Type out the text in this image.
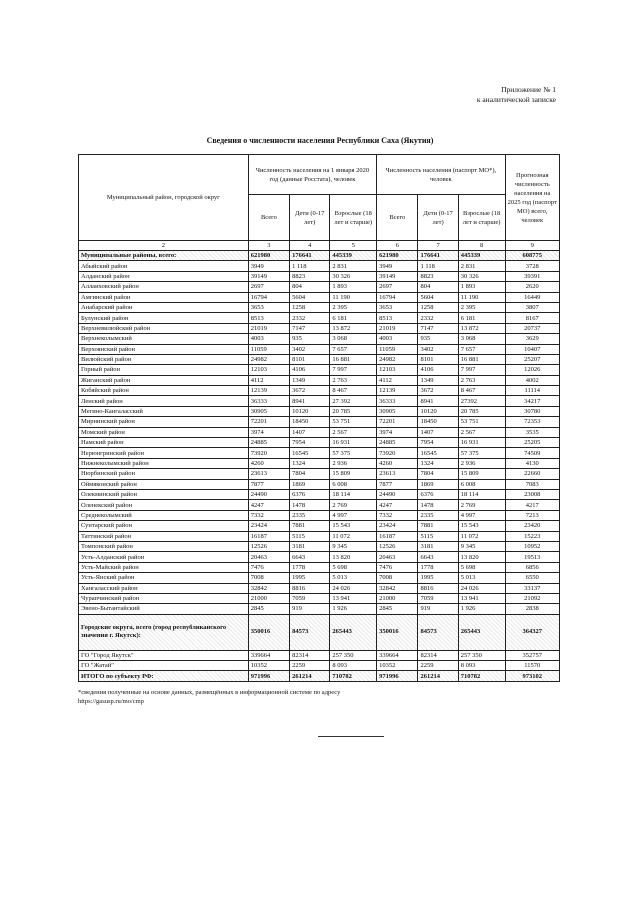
Приложение № 1
к аналитической записке
Сведения о численности населения Республики Саха (Якутия)
Муниципальный район, городской округ	Численность населения на 1 января 2020 год (данные Росстата), человек			Численность населения (паспорт МО*), человек			Прогнозная численность населения на 2025 год (паспорт МО) всего, человек
	Всего	Дети (0-17 лет)	Взрослые (18 лет и старше)	Всего	Дети (0-17 лет)	Взрослые (18 лет и старше)	
2	3	4	5	6	7	8	9
Муниципальные районы, всего:	621980	176641	445339	621980	176641	445339	608775
Абыйский район	3949	1 118	2 831	3949	1 118	2 831	3728
Алданский район	39149	8823	30 326	39149	8823	30 326	39391
Аллаиховский район	2697	804	1 893	2697	804	1 893	2620
Амгинский район	16794	5604	11 190	16794	5604	11 190	16449
Анабарский район	3653	1258	2 395	3653	1258	2 395	3807
Булунский район	8513	2332	6 181	8513	2332	6 181	8167
Верхневилюйский район	21019	7147	13 872	21019	7147	13 872	20737
Верхнеколымский	4003	935	3 068	4003	935	3 068	3629
Верхоянский район	11059	3402	7 657	11059	3402	7 657	10407
Вилюйский район	24982	8101	16 881	24982	8101	16 881	25207
Горный район	12103	4106	7 997	12103	4106	7 997	12026
Жиганский район	4112	1349	2 763	4112	1349	2 763	4002
Кобяйский район	12139	3672	8 467	12139	3672	8 467	11114
Ленский район	36333	8941	27 392	36333	8941	27392	34217
Мегино-Кангаласский	30905	10120	20 785	30905	10120	20 785	30780
Мирнинский район	72201	18450	53 751	72201	18450	53 751	72353
Момский район	3974	1407	2 567	3974	1407	2 567	3535
Намский район	24885	7954	16 931	24885	7954	16 931	25205
Нерюнгринский район	73920	16545	57 375	73920	16545	57 375	74509
Нижнеколымский район	4260	1324	2 936	4260	1324	2 936	4130
Нюрбинский район	23613	7804	15 809	23613	7804	15 809	22660
Оймяконский район	7877	1869	6 008	7877	1869	6 008	7083
Олекминский район	24490	6376	18 114	24490	6376	18 114	23008
Оленекский район	4247	1478	2 769	4247	1478	2 769	4217
Среднеколымский	7332	2335	4 997	7332	2335	4 997	7213
Сунтарский район	23424	7881	15 543	23424	7881	15 543	23420
Таттинский район	16187	5115	11 072	16187	5115	11 072	15223
Томпонский район	12526	3181	9 345	12526	3181	9 345	10952
Усть-Алданский район	20463	6643	13 820	20463	6643	13 820	19513
Усть-Майский район	7476	1778	5 698	7476	1778	5 698	6856
Усть-Янский район	7008	1995	5 013	7008	1995	5 013	6550
Хангаласский район	32842	8816	24 026	32842	8816	24 026	33137
Чурапчинский район	21000	7059	13 941	21000	7059	13 941	21092
Эвено-Бытантайский	2845	919	1 926	2845	919	1 926	2838
Городские округа, всего (город республиканского значения г. Якутск):	350016	84573	265443	350016	84573	265443	364327
ГО "Город Якутск"	339664	82314	257 350	339664	82314	257 350	352757
ГО "Жатай"	10352	2259	8 093	10352	2259	8 093	11570
ИТОГО по субъекту РФ:	971996	261214	710782	971996	261214	710782	973102
*сведения полученные на основе данных, размещённых в информационной системе по адресу
https://gasusp.ru/mo/cmp
